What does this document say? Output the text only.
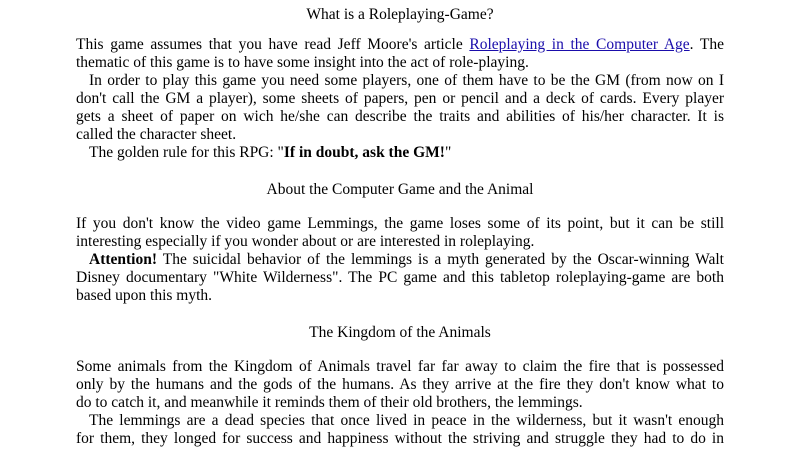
What is a Roleplaying-Game?
This game assumes that you have read Jeff Moore's article Roleplaying in the Computer Age. The
thematic of this game is to have some insight into the act of role-playing.
In order to play this game you need some players, one of them have to be the GM (from now on I
don't call the GM a player), some sheets of papers, pen or pencil and a deck of cards. Every player
gets a sheet of paper on wich he/she can describe the traits and abilities of his/her character. It is
called the character sheet.
The golden rule for this RPG: "If in doubt, ask the GM!"
About the Computer Game and the Animal
If you don't know the video game Lemmings, the game loses some of its point, but it can be still
interesting especially if you wonder about or are interested in roleplaying.
Attention! The suicidal behavior of the lemmings is a myth generated by the Oscar-winning Walt
Disney documentary "White Wilderness". The PC game and this tabletop roleplaying-game are both
based upon this myth.
The Kingdom of the Animals
Some animals from the Kingdom of Animals travel far far away to claim the fire that is possessed
only by the humans and the gods of the humans. As they arrive at the fire they don't know what to
do to catch it, and meanwhile it reminds them of their old brothers, the lemmings.
The lemmings are a dead species that once lived in peace in the wilderness, but it wasn't enough
for them, they longed for success and happiness without the striving and struggle they had to do in
